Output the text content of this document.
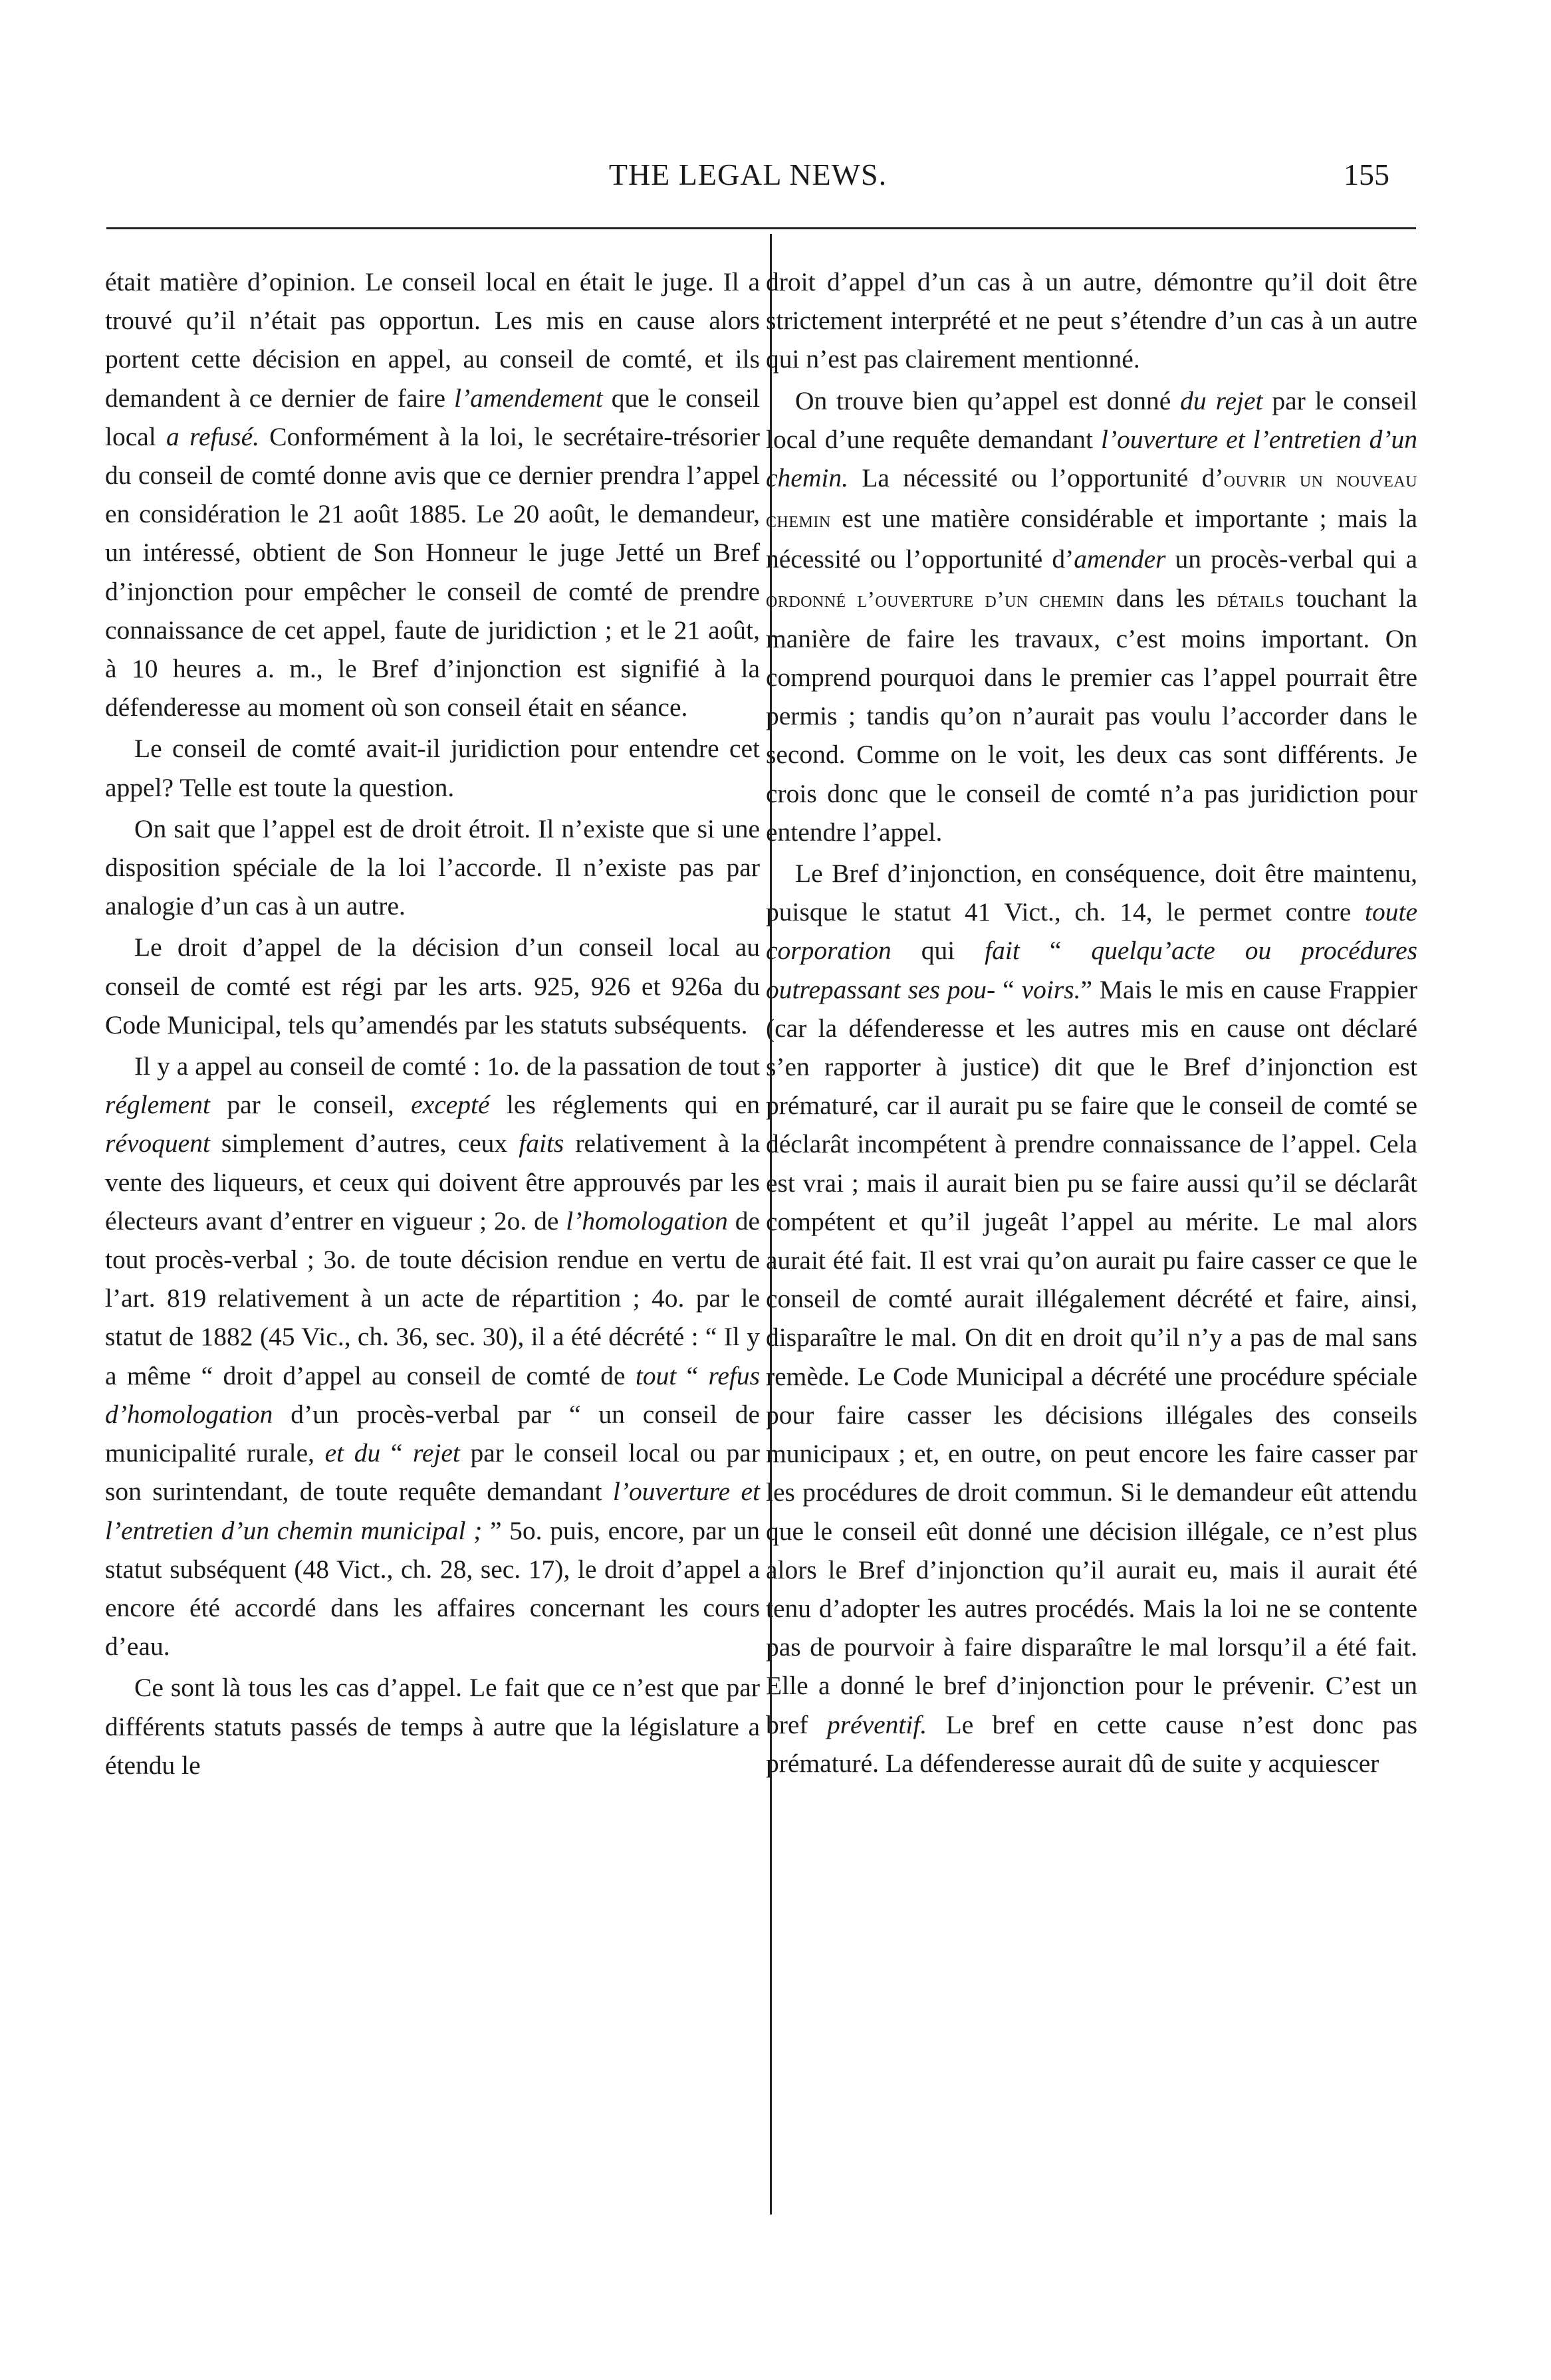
THE LEGAL NEWS.	155

était matière d’opinion. Le conseil local en était le juge. Il a trouvé qu’il n’était pas opportun. Les mis en cause alors portent cette décision en appel, au conseil de comté, et ils demandent à ce dernier de faire l’amendement que le conseil local a refusé. Conformément à la loi, le secrétaire-trésorier du conseil de comté donne avis que ce dernier prendra l’appel en considération le 21 août 1885. Le 20 août, le demandeur, un intéressé, obtient de Son Honneur le juge Jetté un Bref d’injonction pour empêcher le conseil de comté de prendre connaissance de cet appel, faute de juridiction ; et le 21 août, à 10 heures a. m., le Bref d’injonction est signifié à la défenderesse au moment où son conseil était en séance.

Le conseil de comté avait-il juridiction pour entendre cet appel? Telle est toute la question.

On sait que l’appel est de droit étroit. Il n’existe que si une disposition spéciale de la loi l’accorde. Il n’existe pas par analogie d’un cas à un autre.

Le droit d’appel de la décision d’un conseil local au conseil de comté est régi par les arts. 925, 926 et 926a du Code Municipal, tels qu’amendés par les statuts subséquents.

Il y a appel au conseil de comté : 1o. de la passation de tout réglement par le conseil, excepté les réglements qui en révoquent simplement d’autres, ceux faits relativement à la vente des liqueurs, et ceux qui doivent être approuvés par les électeurs avant d’entrer en vigueur ; 2o. de l’homologation de tout procès-verbal ; 3o. de toute décision rendue en vertu de l’art. 819 relativement à un acte de répartition ; 4o. par le statut de 1882 (45 Vic., ch. 36, sec. 30), il a été décrété : “ Il y a même “ droit d’appel au conseil de comté de tout “ refus d’homologation d’un procès-verbal par “ un conseil de municipalité rurale, et du “ rejet par le conseil local ou par son surintendant, de toute requête demandant l’ouverture et l’entretien d’un chemin municipal ; ” 5o. puis, encore, par un statut subséquent (48 Vict., ch. 28, sec. 17), le droit d’appel a encore été accordé dans les affaires concernant les cours d’eau.

Ce sont là tous les cas d’appel. Le fait que ce n’est que par différents statuts passés de temps à autre que la législature a étendu le

droit d’appel d’un cas à un autre, démontre qu’il doit être strictement interprété et ne peut s’étendre d’un cas à un autre qui n’est pas clairement mentionné.

On trouve bien qu’appel est donné du rejet par le conseil local d’une requête demandant l’ouverture et l’entretien d’un chemin. La nécessité ou l’opportunité d’ouvrir un nouveau chemin est une matière considérable et importante ; mais la nécessité ou l’opportunité d’amender un procès-verbal qui a ordonné l’ouverture d’un chemin dans les détails touchant la manière de faire les travaux, c’est moins important. On comprend pourquoi dans le premier cas l’appel pourrait être permis ; tandis qu’on n’aurait pas voulu l’accorder dans le second. Comme on le voit, les deux cas sont différents. Je crois donc que le conseil de comté n’a pas juridiction pour entendre l’appel.

Le Bref d’injonction, en conséquence, doit être maintenu, puisque le statut 41 Vict., ch. 14, le permet contre toute corporation qui fait “ quelqu’acte ou procédures outrepassant ses pou- “ voirs.” Mais le mis en cause Frappier (car la défenderesse et les autres mis en cause ont déclaré s’en rapporter à justice) dit que le Bref d’injonction est prématuré, car il aurait pu se faire que le conseil de comté se déclarât incompétent à prendre connaissance de l’appel. Cela est vrai ; mais il aurait bien pu se faire aussi qu’il se déclarât compétent et qu’il jugeât l’appel au mérite. Le mal alors aurait été fait. Il est vrai qu’on aurait pu faire casser ce que le conseil de comté aurait illégalement décrété et faire, ainsi, disparaître le mal. On dit en droit qu’il n’y a pas de mal sans remède. Le Code Municipal a décrété une procédure spéciale pour faire casser les décisions illégales des conseils municipaux ; et, en outre, on peut encore les faire casser par les procédures de droit commun. Si le demandeur eût attendu que le conseil eût donné une décision illégale, ce n’est plus alors le Bref d’injonction qu’il aurait eu, mais il aurait été tenu d’adopter les autres procédés. Mais la loi ne se contente pas de pourvoir à faire disparaître le mal lorsqu’il a été fait. Elle a donné le bref d’injonction pour le prévenir. C’est un bref préventif. Le bref en cette cause n’est donc pas prématuré. La défenderesse aurait dû de suite y acquiescer
